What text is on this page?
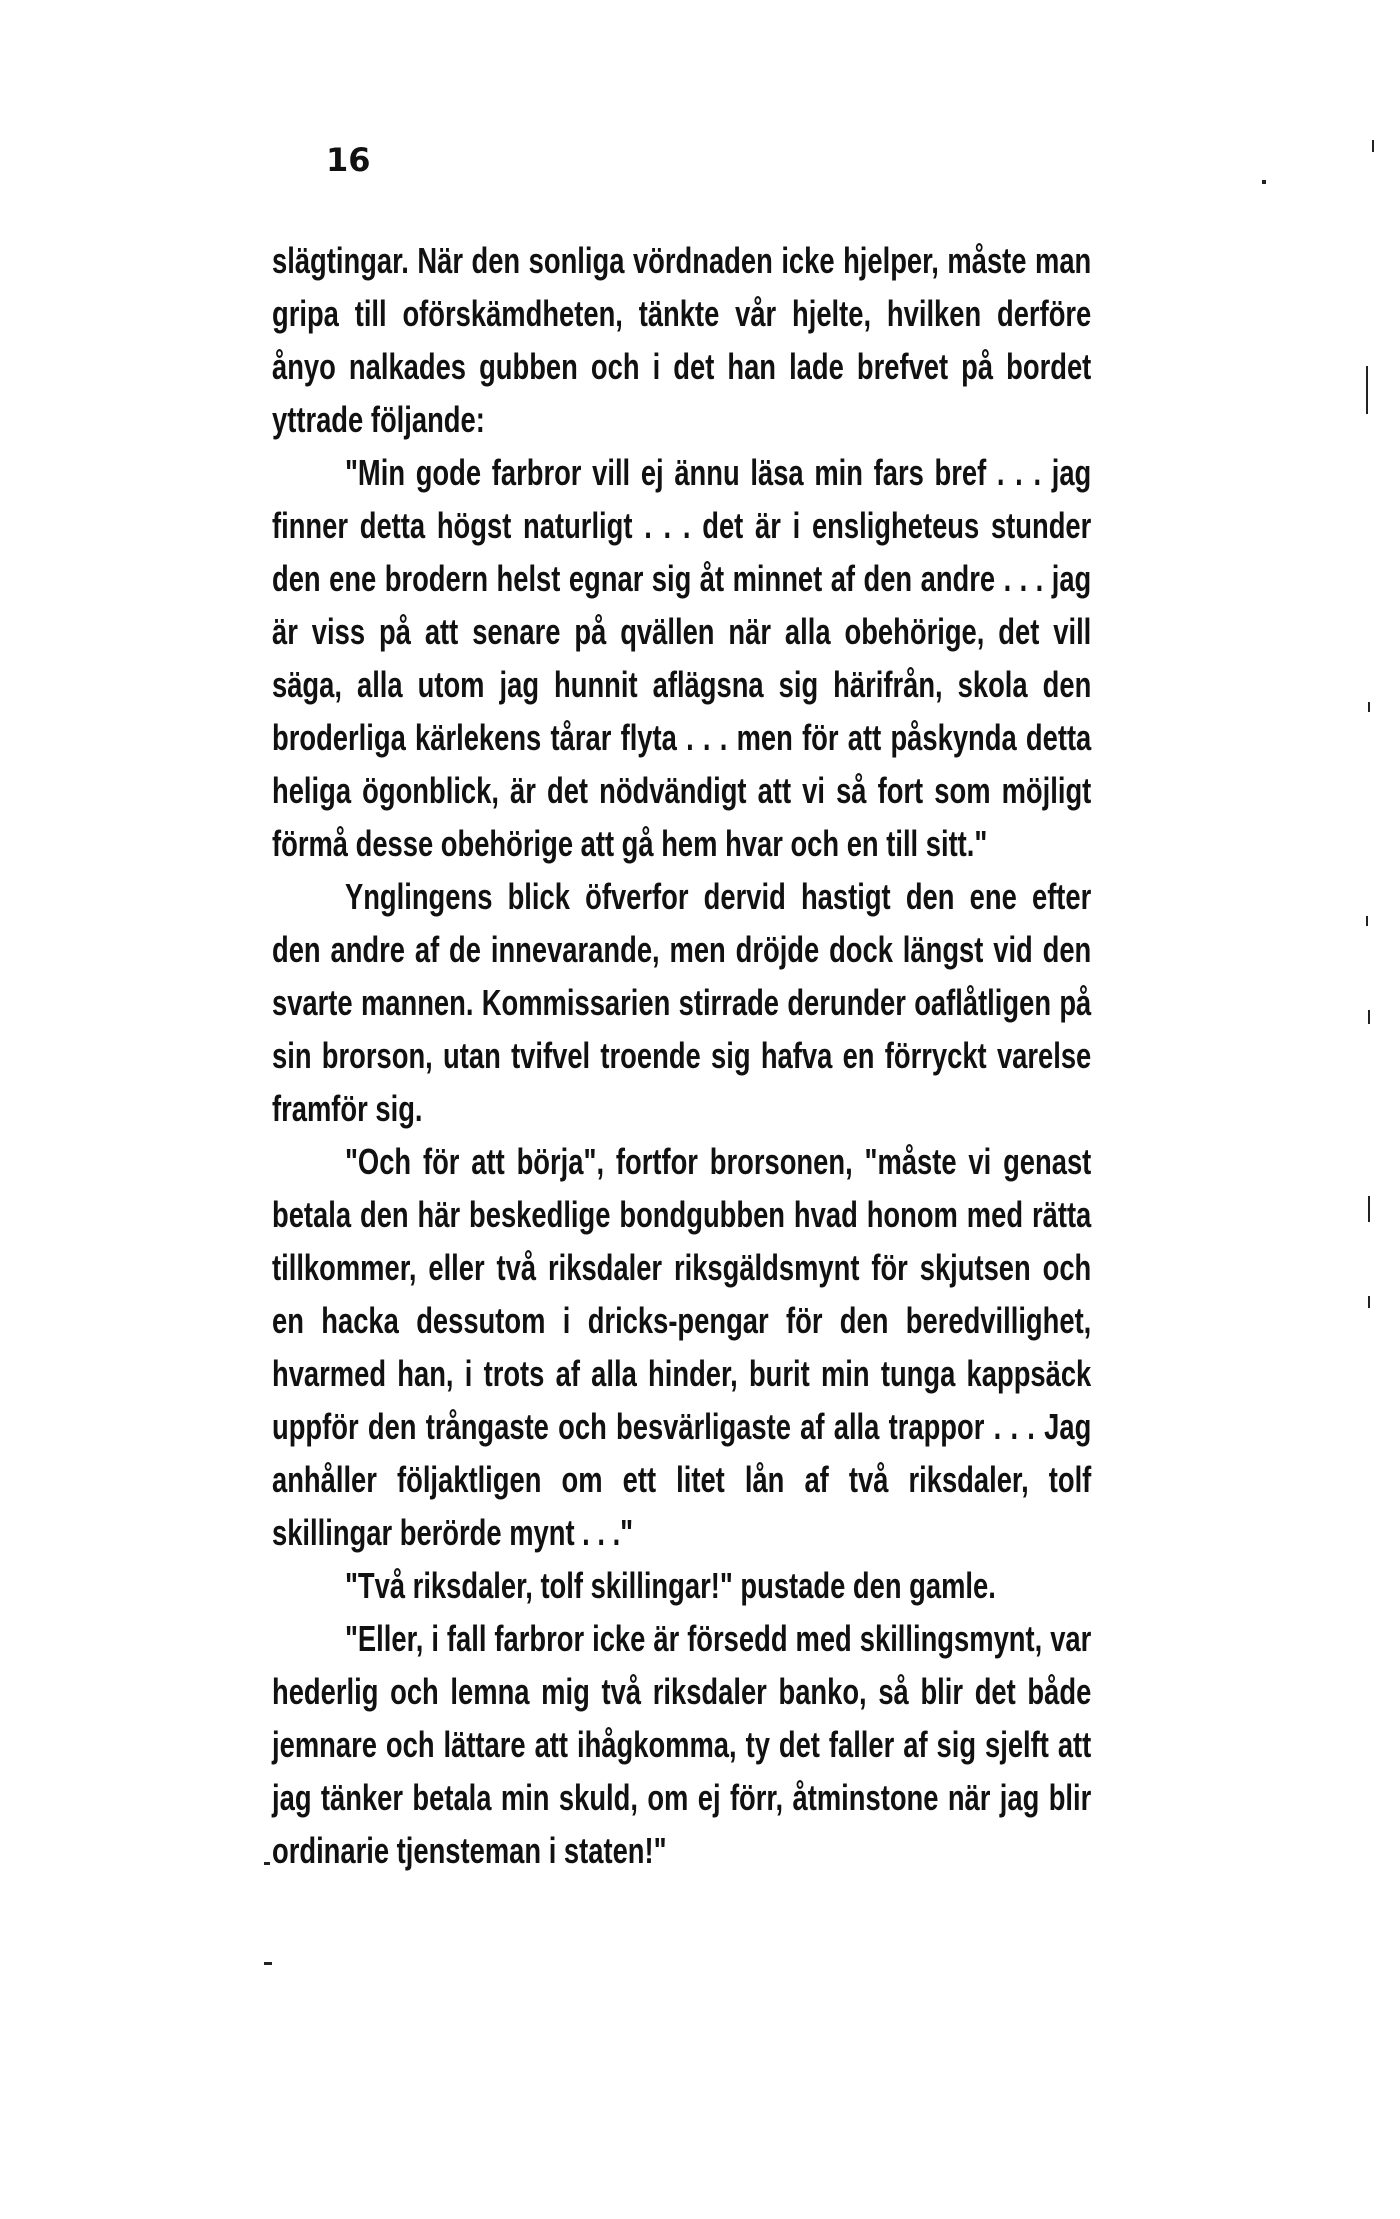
16

slägtingar. När den sonliga vördnaden icke hjelper, måste man gripa till oförskämdheten, tänkte vår hjelte, hvilken derföre ånyo nalkades gubben och i det han lade brefvet på bordet yttrade följande:

"Min gode farbror vill ej ännu läsa min fars bref . . . jag finner detta högst naturligt . . . det är i ensligheteus stunder den ene brodern helst egnar sig åt minnet af den andre . . . jag är viss på att senare på qvällen när alla obehörige, det vill säga, alla utom jag hunnit aflägsna sig härifrån, skola den broderliga kärlekens tårar flyta . . . men för att påskynda detta heliga ögonblick, är det nödvändigt att vi så fort som möjligt förmå desse obehörige att gå hem hvar och en till sitt."

Ynglingens blick öfverfor dervid hastigt den ene efter den andre af de innevarande, men dröjde dock längst vid den svarte mannen. Kommissarien stirrade derunder oaflåtligen på sin brorson, utan tvifvel troende sig hafva en förryckt varelse framför sig.

"Och för att börja", fortfor brorsonen, "måste vi genast betala den här beskedlige bondgubben hvad honom med rätta tillkommer, eller två riksdaler riksgäldsmynt för skjutsen och en hacka dessutom i dricks-pengar för den beredvillighet, hvarmed han, i trots af alla hinder, burit min tunga kappsäck uppför den trångaste och besvärligaste af alla trappor . . . Jag anhåller följaktligen om ett litet lån af två riksdaler, tolf skillingar berörde mynt . . ."

"Två riksdaler, tolf skillingar!" pustade den gamle.

"Eller, i fall farbror icke är försedd med skillingsmynt, var hederlig och lemna mig två riksdaler banko, så blir det både jemnare och lättare att ihågkomma, ty det faller af sig sjelft att jag tänker betala min skuld, om ej förr, åtminstone när jag blir ordinarie tjensteman i staten!"
